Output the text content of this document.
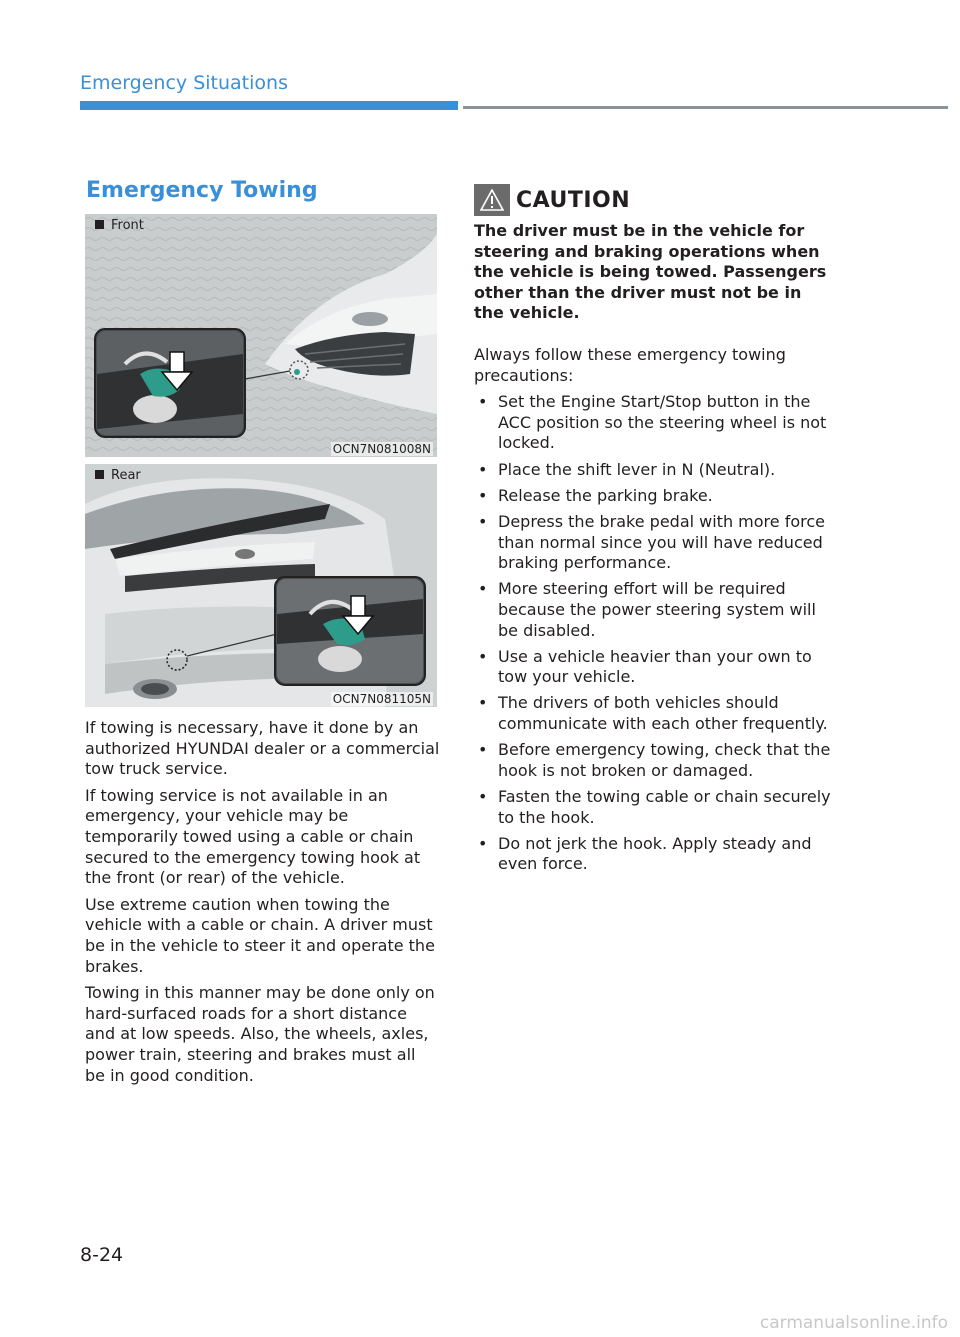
Emergency Situations
Emergency Towing
Front
OCN7N081008N
Rear
OCN7N081105N

If towing is necessary, have it done by an authorized HYUNDAI dealer or a commercial tow truck service.

If towing service is not available in an emergency, your vehicle may be temporarily towed using a cable or chain secured to the emergency towing hook at the front (or rear) of the vehicle.

Use extreme caution when towing the vehicle with a cable or chain. A driver must be in the vehicle to steer it and operate the brakes.

Towing in this manner may be done only on hard-surfaced roads for a short distance and at low speeds. Also, the wheels, axles, power train, steering and brakes must all be in good condition.

CAUTION
The driver must be in the vehicle for steering and braking operations when the vehicle is being towed. Passengers other than the driver must not be in the vehicle.

Always follow these emergency towing precautions:

• Set the Engine Start/Stop button in the ACC position so the steering wheel is not locked.
• Place the shift lever in N (Neutral).
• Release the parking brake.
• Depress the brake pedal with more force than normal since you will have reduced braking performance.
• More steering effort will be required because the power steering system will be disabled.
• Use a vehicle heavier than your own to tow your vehicle.
• The drivers of both vehicles should communicate with each other frequently.
• Before emergency towing, check that the hook is not broken or damaged.
• Fasten the towing cable or chain securely to the hook.
• Do not jerk the hook. Apply steady and even force.
8-24
carmanualsonline.info
